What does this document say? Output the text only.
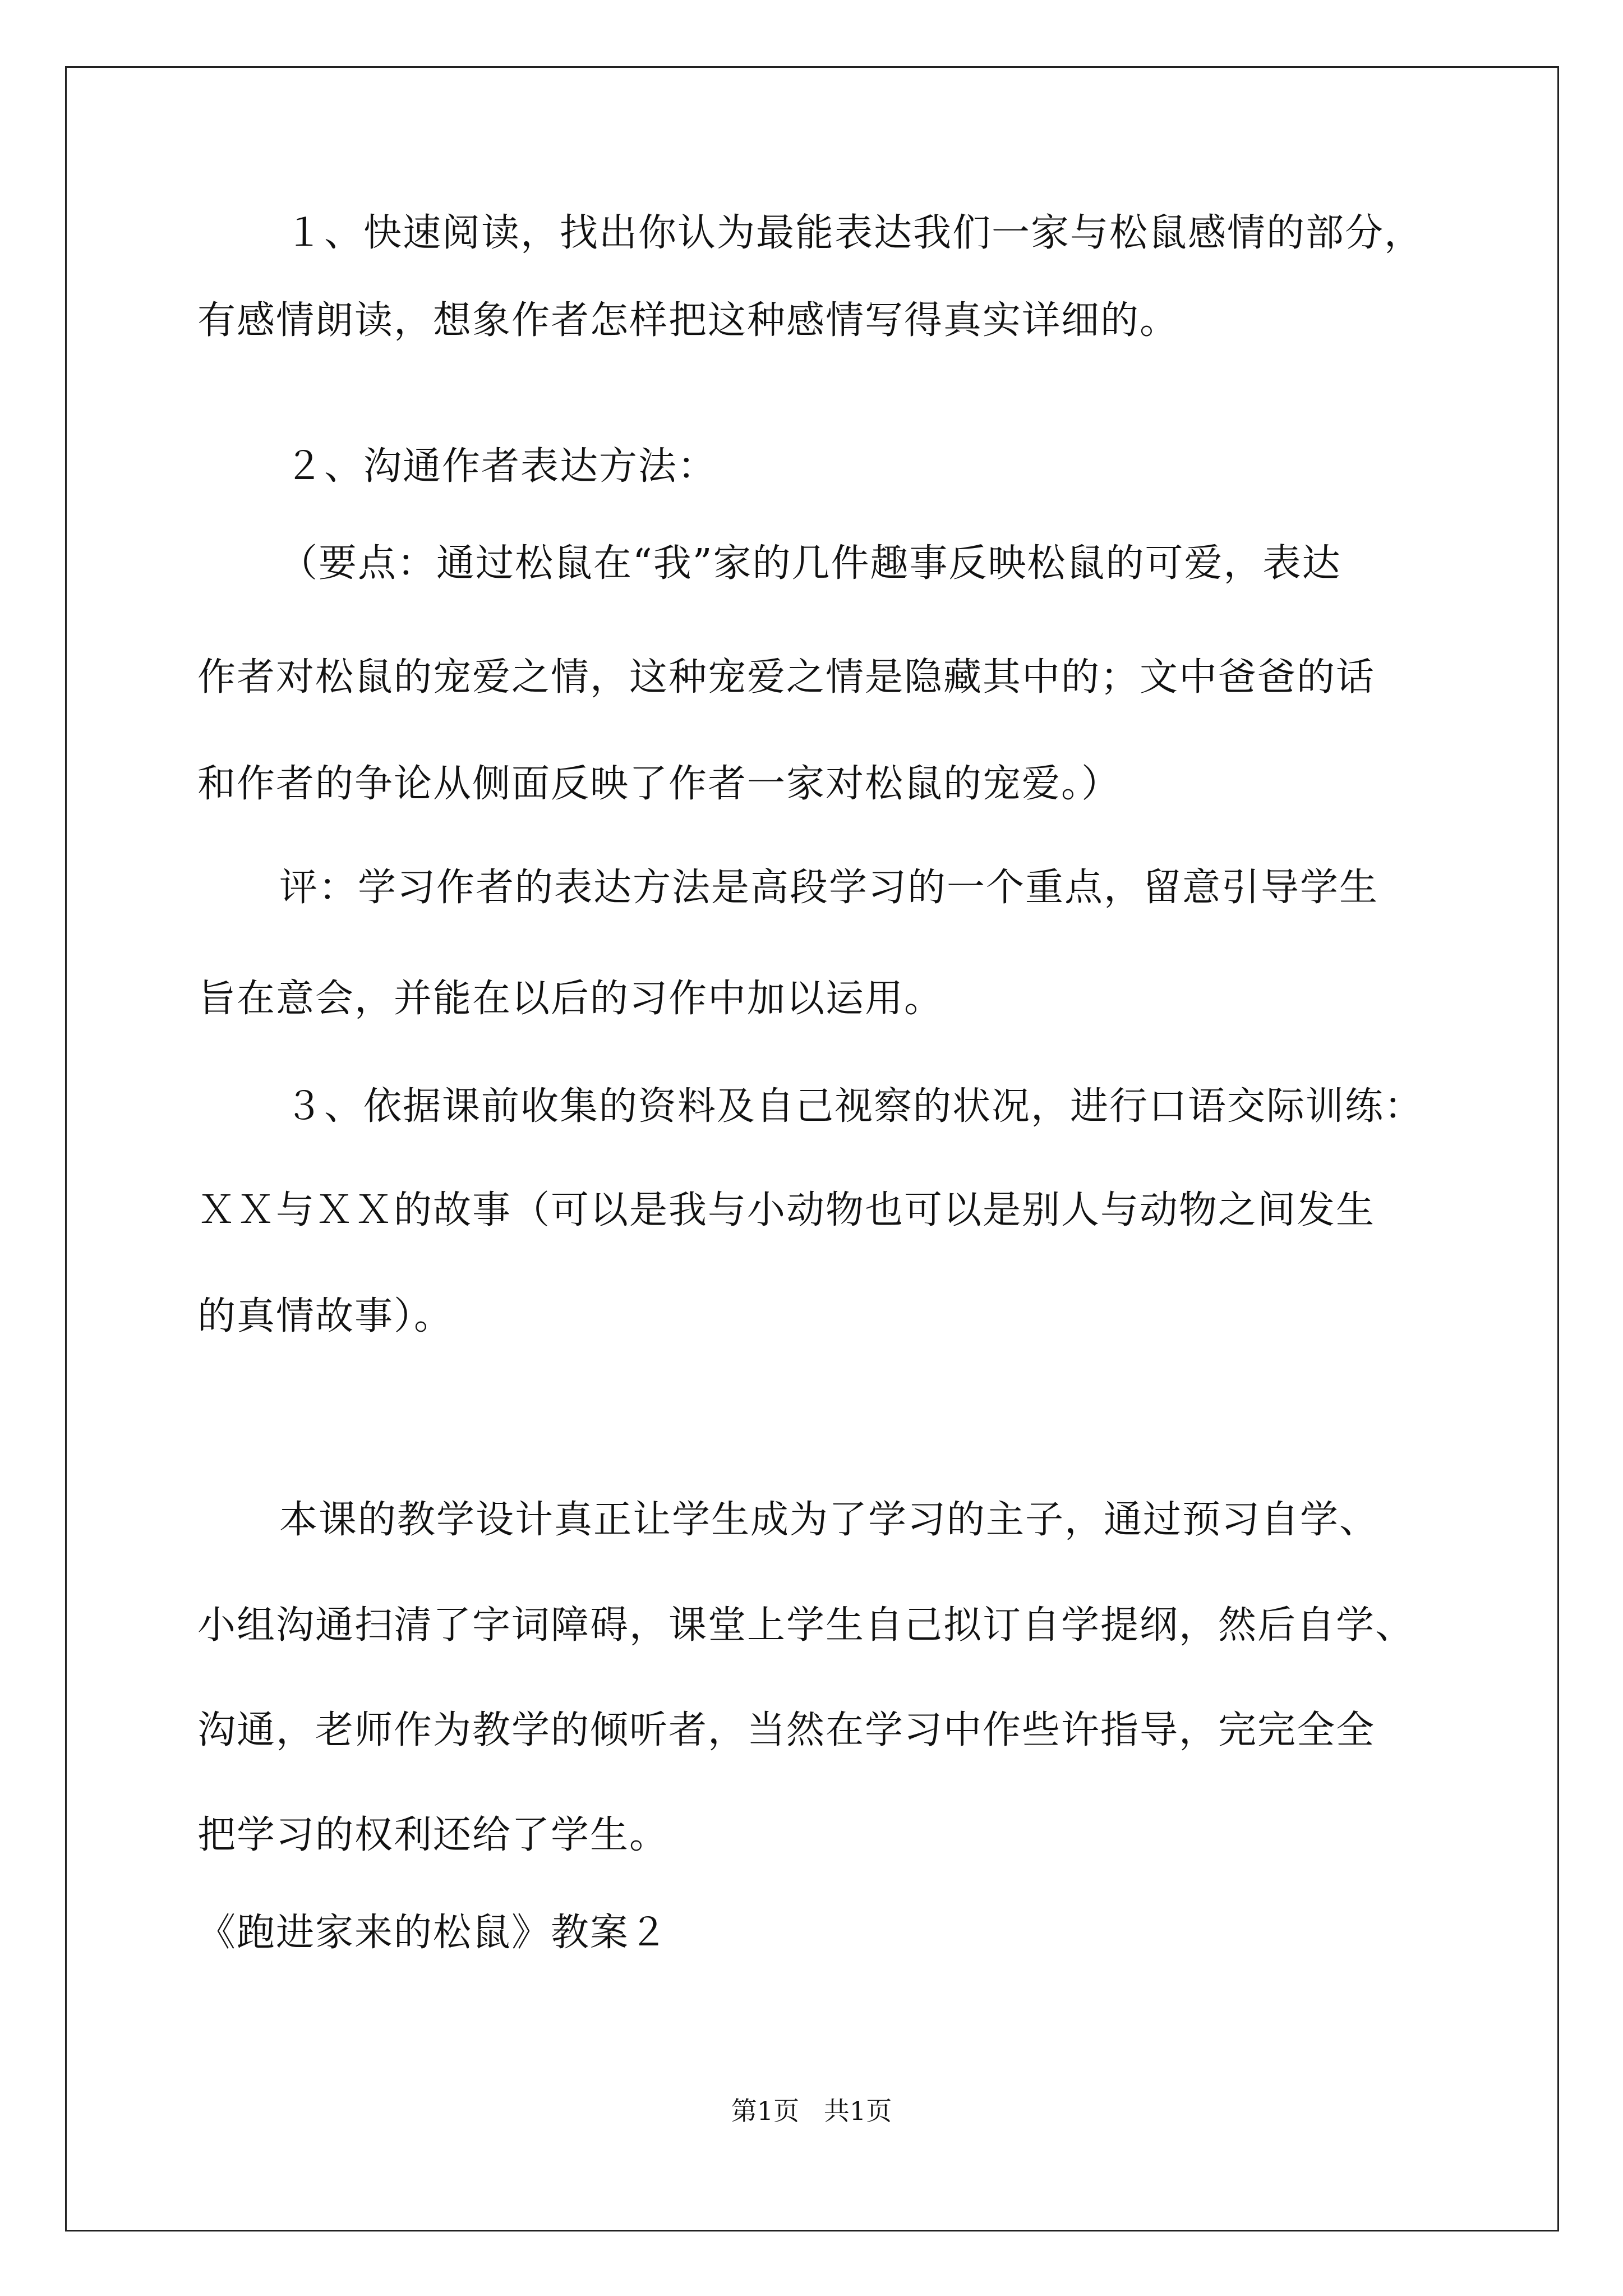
１、快速阅读，找出你认为最能表达我们一家与松鼠感情的部分，
有感情朗读，想象作者怎样把这种感情写得真实详细的。
２、沟通作者表达方法：
（要点：通过松鼠在“我”家的几件趣事反映松鼠的可爱，表达
作者对松鼠的宠爱之情，这种宠爱之情是隐藏其中的；文中爸爸的话
和作者的争论从侧面反映了作者一家对松鼠的宠爱。）
评：学习作者的表达方法是高段学习的一个重点，留意引导学生
旨在意会，并能在以后的习作中加以运用。
３、依据课前收集的资料及自己视察的状况，进行口语交际训练：
ＸＸ与ＸＸ的故事（可以是我与小动物也可以是别人与动物之间发生
的真情故事）。
本课的教学设计真正让学生成为了学习的主子，通过预习自学、
小组沟通扫清了字词障碍，课堂上学生自己拟订自学提纲，然后自学、
沟通，老师作为教学的倾听者，当然在学习中作些许指导，完完全全
把学习的权利还给了学生。
《跑进家来的松鼠》教案２
第1页   共1页
